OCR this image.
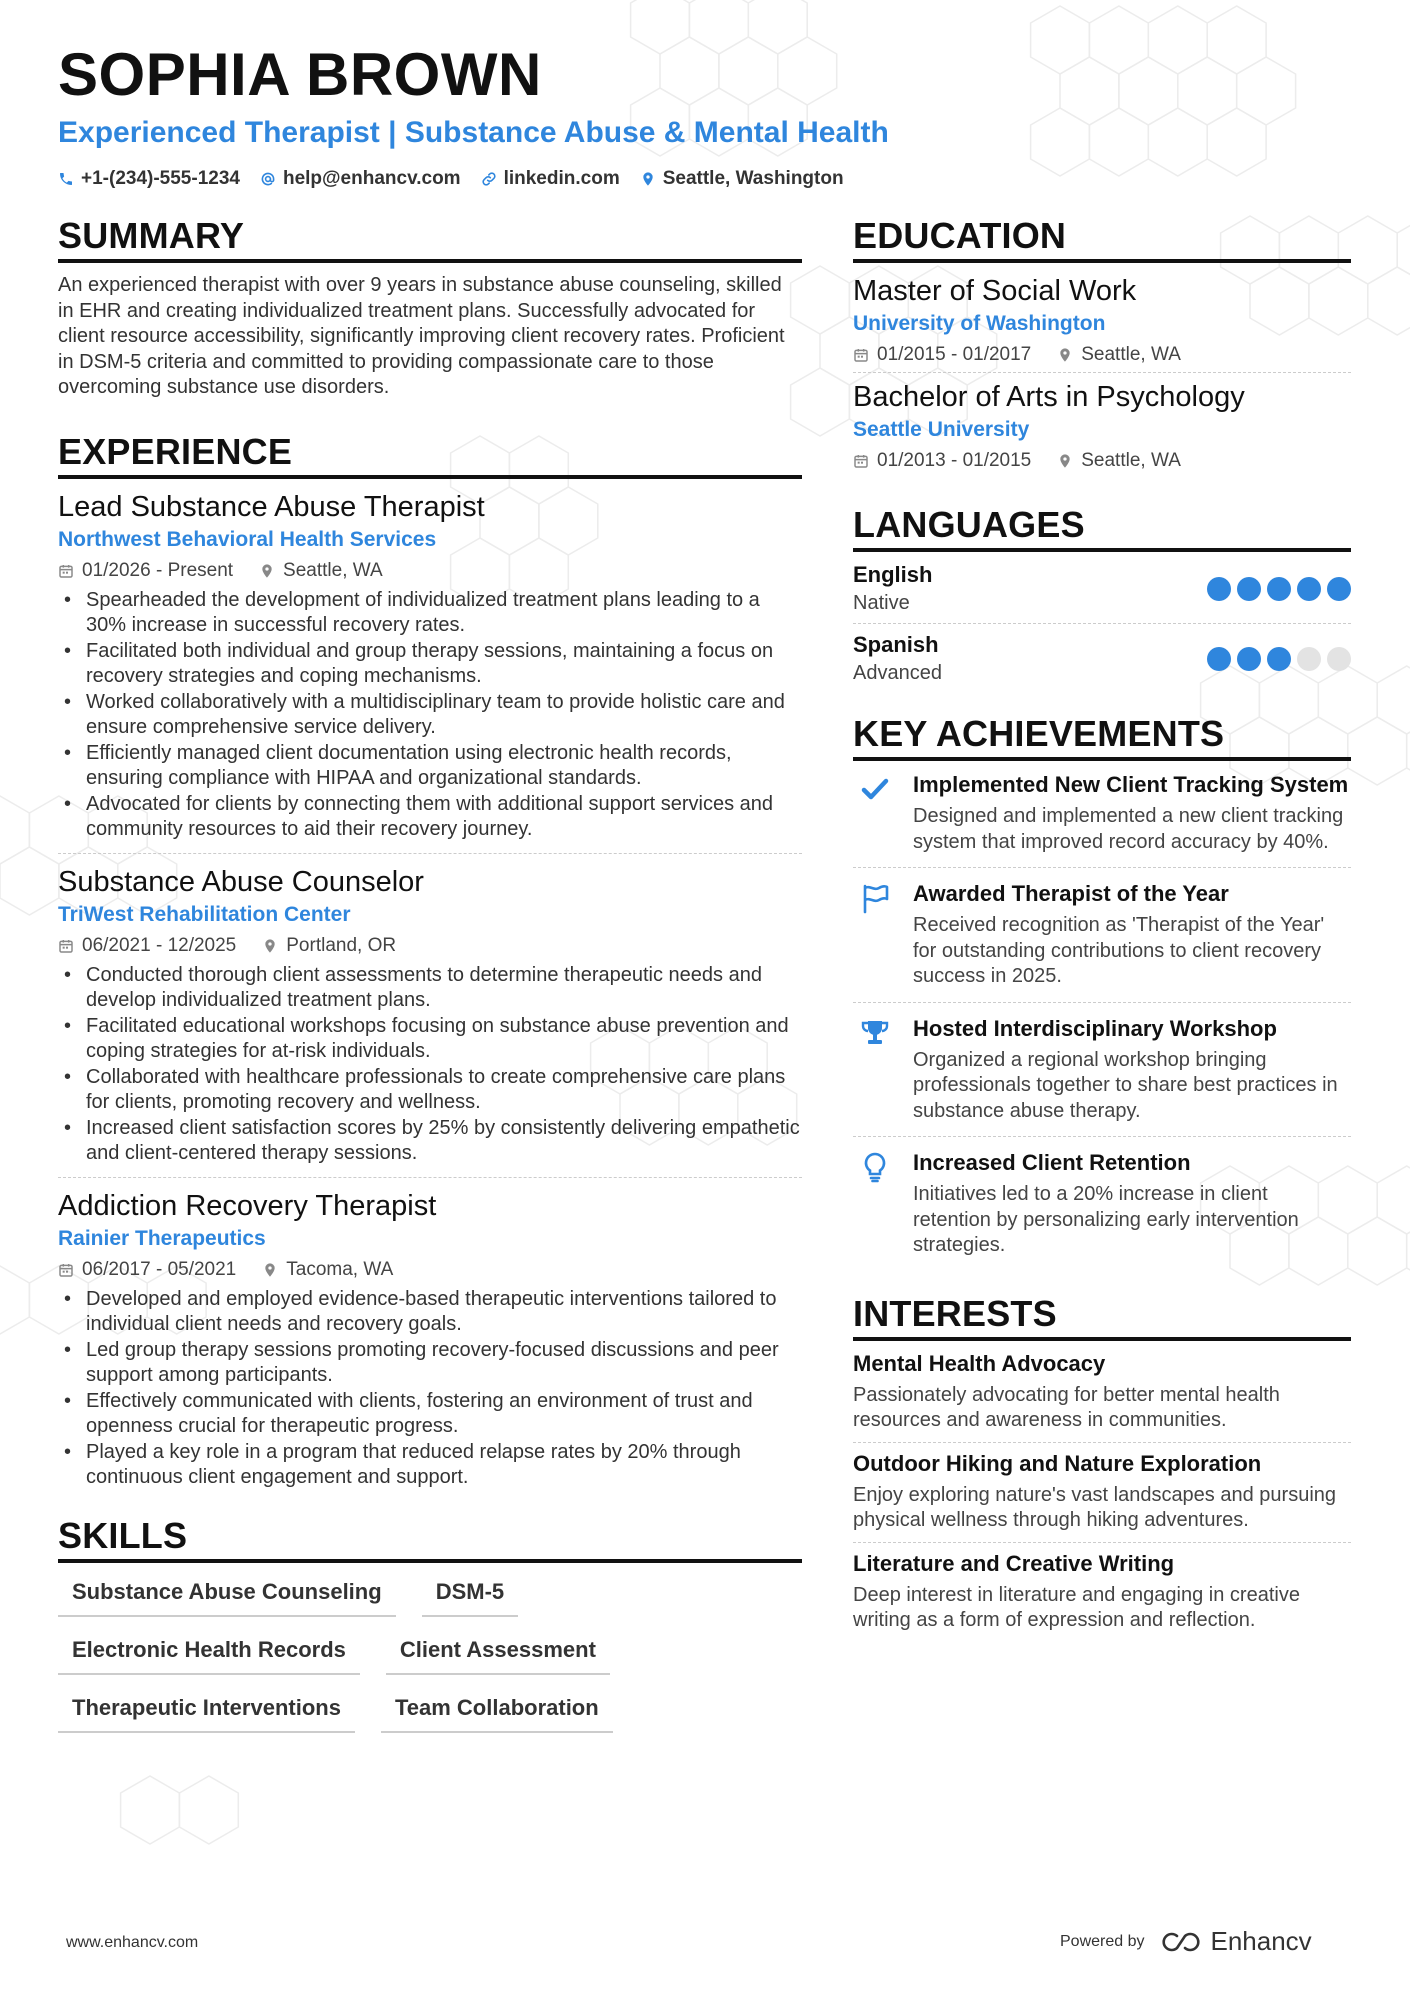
SOPHIA BROWN
Experienced Therapist | Substance Abuse & Mental Health
+1-(234)-555-1234 help@enhancv.com linkedin.com Seattle, Washington
SUMMARY

An experienced therapist with over 9 years in substance abuse counseling, skilled in EHR and creating individualized treatment plans. Successfully advocated for client resource accessibility, significantly improving client recovery rates. Proficient in DSM-5 criteria and committed to providing compassionate care to those overcoming substance use disorders.

EXPERIENCE
Lead Substance Abuse Therapist
Northwest Behavioral Health Services
01/2026 - Present	Seattle, WA
• Spearheaded the development of individualized treatment plans leading to a 30% increase in successful recovery rates.
• Facilitated both individual and group therapy sessions, maintaining a focus on recovery strategies and coping mechanisms.
• Worked collaboratively with a multidisciplinary team to provide holistic care and ensure comprehensive service delivery.
• Efficiently managed client documentation using electronic health records, ensuring compliance with HIPAA and organizational standards.
• Advocated for clients by connecting them with additional support services and community resources to aid their recovery journey.
Substance Abuse Counselor
TriWest Rehabilitation Center
06/2021 - 12/2025	Portland, OR
• Conducted thorough client assessments to determine therapeutic needs and develop individualized treatment plans.
• Facilitated educational workshops focusing on substance abuse prevention and coping strategies for at-risk individuals.
• Collaborated with healthcare professionals to create comprehensive care plans for clients, promoting recovery and wellness.
• Increased client satisfaction scores by 25% by consistently delivering empathetic and client-centered therapy sessions.
Addiction Recovery Therapist
Rainier Therapeutics
06/2017 - 05/2021	Tacoma, WA
• Developed and employed evidence-based therapeutic interventions tailored to individual client needs and recovery goals.
• Led group therapy sessions promoting recovery-focused discussions and peer support among participants.
• Effectively communicated with clients, fostering an environment of trust and openness crucial for therapeutic progress.
• Played a key role in a program that reduced relapse rates by 20% through continuous client engagement and support.
SKILLS
Substance Abuse Counseling	DSM-5
Electronic Health Records	Client Assessment
Therapeutic Interventions	Team Collaboration
EDUCATION
Master of Social Work
University of Washington
01/2015 - 01/2017	Seattle, WA
Bachelor of Arts in Psychology
Seattle University
01/2013 - 01/2015	Seattle, WA
LANGUAGES
English
Native
Spanish
Advanced
KEY ACHIEVEMENTS
Implemented New Client Tracking System
Designed and implemented a new client tracking system that improved record accuracy by 40%.
Awarded Therapist of the Year
Received recognition as 'Therapist of the Year' for outstanding contributions to client recovery success in 2025.
Hosted Interdisciplinary Workshop
Organized a regional workshop bringing professionals together to share best practices in substance abuse therapy.
Increased Client Retention
Initiatives led to a 20% increase in client retention by personalizing early intervention strategies.
INTERESTS
Mental Health Advocacy
Passionately advocating for better mental health resources and awareness in communities.
Outdoor Hiking and Nature Exploration
Enjoy exploring nature's vast landscapes and pursuing physical wellness through hiking adventures.
Literature and Creative Writing
Deep interest in literature and engaging in creative writing as a form of expression and reflection.
www.enhancv.com	Powered by	Enhancv
